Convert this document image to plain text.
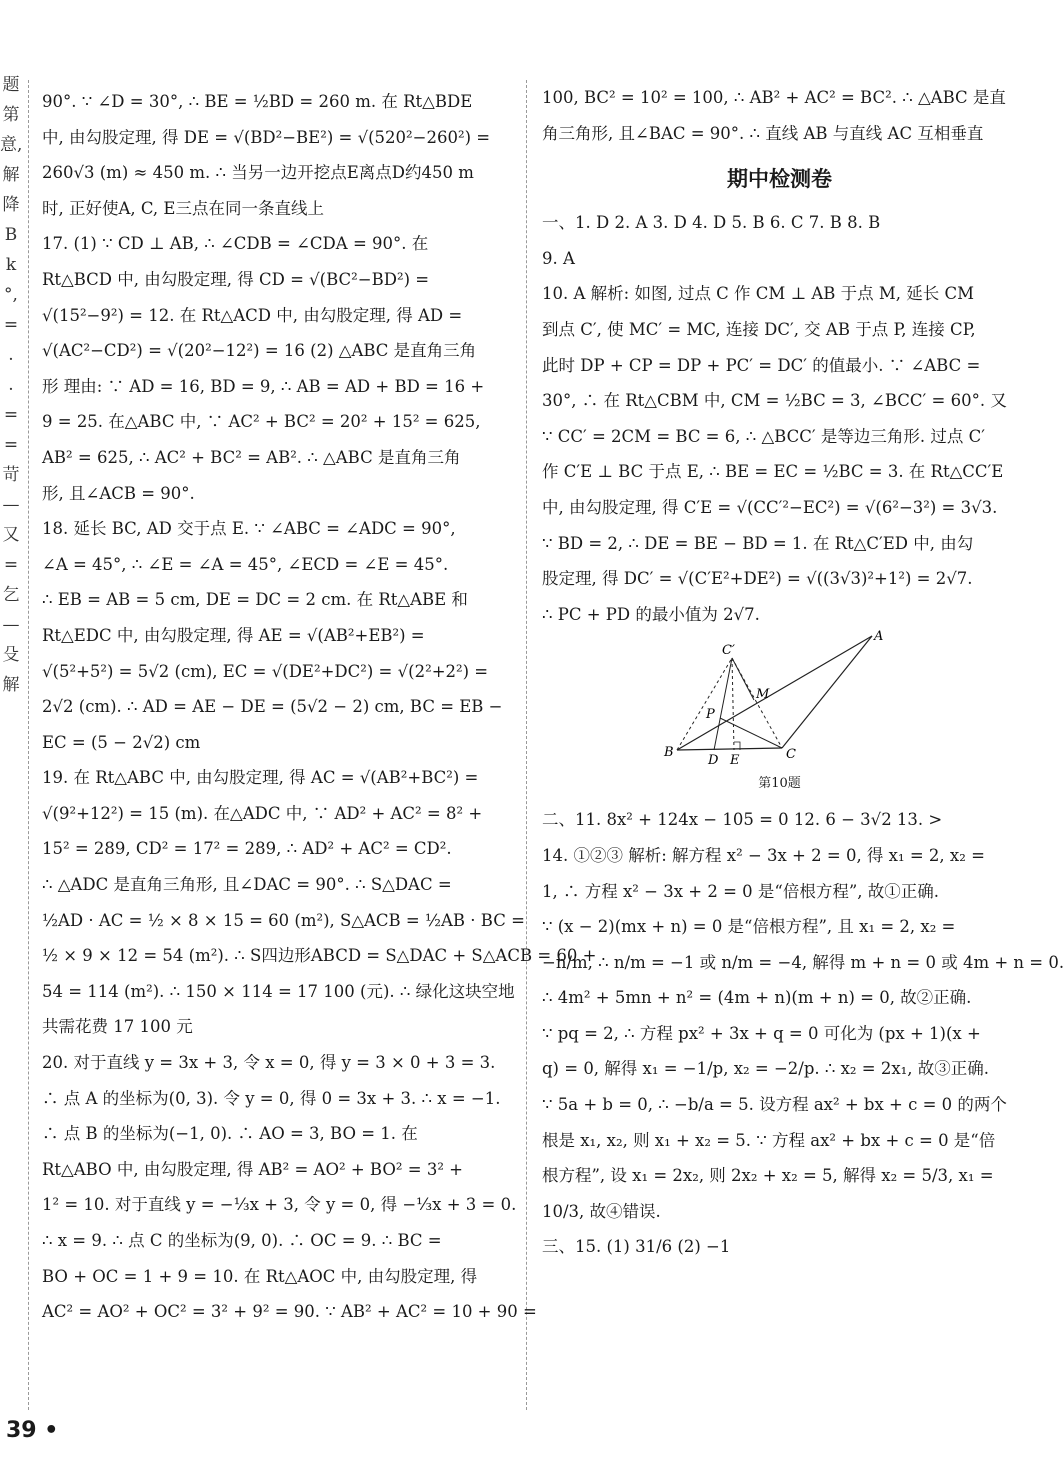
题
第
意,
解
降
B
k
°,
=
.
.
=
=
苛
—
又
=
乞
—
殳
解

90°. ∵ ∠D = 30°, ∴ BE = ½BD = 260 m. 在 Rt△BDE

中, 由勾股定理, 得 DE = √(BD²−BE²) = √(520²−260²) =

260√3 (m) ≈ 450 m. ∴ 当另一边开挖点E离点D约450 m

时, 正好使A, C, E三点在同一条直线上

17. (1) ∵ CD ⊥ AB, ∴ ∠CDB = ∠CDA = 90°. 在

Rt△BCD 中, 由勾股定理, 得 CD = √(BC²−BD²) =

√(15²−9²) = 12. 在 Rt△ACD 中, 由勾股定理, 得 AD =

√(AC²−CD²) = √(20²−12²) = 16 (2) △ABC 是直角三角

形 理由: ∵ AD = 16, BD = 9, ∴ AB = AD + BD = 16 +

9 = 25. 在△ABC 中, ∵ AC² + BC² = 20² + 15² = 625,

AB² = 625, ∴ AC² + BC² = AB². ∴ △ABC 是直角三角

形, 且∠ACB = 90°.

18. 延长 BC, AD 交于点 E. ∵ ∠ABC = ∠ADC = 90°,

∠A = 45°, ∴ ∠E = ∠A = 45°, ∠ECD = ∠E = 45°.

∴ EB = AB = 5 cm, DE = DC = 2 cm. 在 Rt△ABE 和

Rt△EDC 中, 由勾股定理, 得 AE = √(AB²+EB²) =

√(5²+5²) = 5√2 (cm), EC = √(DE²+DC²) = √(2²+2²) =

2√2 (cm). ∴ AD = AE − DE = (5√2 − 2) cm, BC = EB −

EC = (5 − 2√2) cm

19. 在 Rt△ABC 中, 由勾股定理, 得 AC = √(AB²+BC²) =

√(9²+12²) = 15 (m). 在△ADC 中, ∵ AD² + AC² = 8² +

15² = 289, CD² = 17² = 289, ∴ AD² + AC² = CD².

∴ △ADC 是直角三角形, 且∠DAC = 90°. ∴ S△DAC =

½AD · AC = ½ × 8 × 15 = 60 (m²), S△ACB = ½AB · BC =

½ × 9 × 12 = 54 (m²). ∴ S四边形ABCD = S△DAC + S△ACB = 60 +

54 = 114 (m²). ∴ 150 × 114 = 17 100 (元). ∴ 绿化这块空地

共需花费 17 100 元

20. 对于直线 y = 3x + 3, 令 x = 0, 得 y = 3 × 0 + 3 = 3.

∴ 点 A 的坐标为(0, 3). 令 y = 0, 得 0 = 3x + 3. ∴ x = −1.

∴ 点 B 的坐标为(−1, 0). ∴ AO = 3, BO = 1. 在

Rt△ABO 中, 由勾股定理, 得 AB² = AO² + BO² = 3² +

1² = 10. 对于直线 y = −⅓x + 3, 令 y = 0, 得 −⅓x + 3 = 0.

∴ x = 9. ∴ 点 C 的坐标为(9, 0). ∴ OC = 9. ∴ BC =

BO + OC = 1 + 9 = 10. 在 Rt△AOC 中, 由勾股定理, 得

AC² = AO² + OC² = 3² + 9² = 90. ∵ AB² + AC² = 10 + 90 =

100, BC² = 10² = 100, ∴ AB² + AC² = BC². ∴ △ABC 是直

角三角形, 且∠BAC = 90°. ∴ 直线 AB 与直线 AC 互相垂直

期中检测卷

一、1. D 2. A 3. D 4. D 5. B 6. C 7. B 8. B

9. A

10. A 解析: 如图, 过点 C 作 CM ⊥ AB 于点 M, 延长 CM

到点 C′, 使 MC′ = MC, 连接 DC′, 交 AB 于点 P, 连接 CP,

此时 DP + CP = DP + PC′ = DC′ 的值最小. ∵ ∠ABC =

30°, ∴ 在 Rt△CBM 中, CM = ½BC = 3, ∠BCC′ = 60°. 又

∵ CC′ = 2CM = BC = 6, ∴ △BCC′ 是等边三角形. 过点 C′

作 C′E ⊥ BC 于点 E, ∴ BE = EC = ½BC = 3. 在 Rt△CC′E

中, 由勾股定理, 得 C′E = √(CC′²−EC²) = √(6²−3²) = 3√3.

∵ BD = 2, ∴ DE = BE − BD = 1. 在 Rt△C′ED 中, 由勾

股定理, 得 DC′ = √(C′E²+DE²) = √((3√3)²+1²) = 2√7.

∴ PC + PD 的最小值为 2√7.

A
B	C
C′
M
P
D E
第10题

二、11. 8x² + 124x − 105 = 0 12. 6 − 3√2 13. >

14. ①②③ 解析: 解方程 x² − 3x + 2 = 0, 得 x₁ = 2, x₂ =

1, ∴ 方程 x² − 3x + 2 = 0 是“倍根方程”, 故①正确.

∵ (x − 2)(mx + n) = 0 是“倍根方程”, 且 x₁ = 2, x₂ =

−n/m, ∴ n/m = −1 或 n/m = −4, 解得 m + n = 0 或 4m + n = 0.

∴ 4m² + 5mn + n² = (4m + n)(m + n) = 0, 故②正确.

∵ pq = 2, ∴ 方程 px² + 3x + q = 0 可化为 (px + 1)(x +

q) = 0, 解得 x₁ = −1/p, x₂ = −2/p. ∴ x₂ = 2x₁, 故③正确.

∵ 5a + b = 0, ∴ −b/a = 5. 设方程 ax² + bx + c = 0 的两个

根是 x₁, x₂, 则 x₁ + x₂ = 5. ∵ 方程 ax² + bx + c = 0 是“倍

根方程”, 设 x₁ = 2x₂, 则 2x₂ + x₂ = 5, 解得 x₂ = 5/3, x₁ =

10/3, 故④错误.

三、15. (1) 31/6 (2) −1

39 •
